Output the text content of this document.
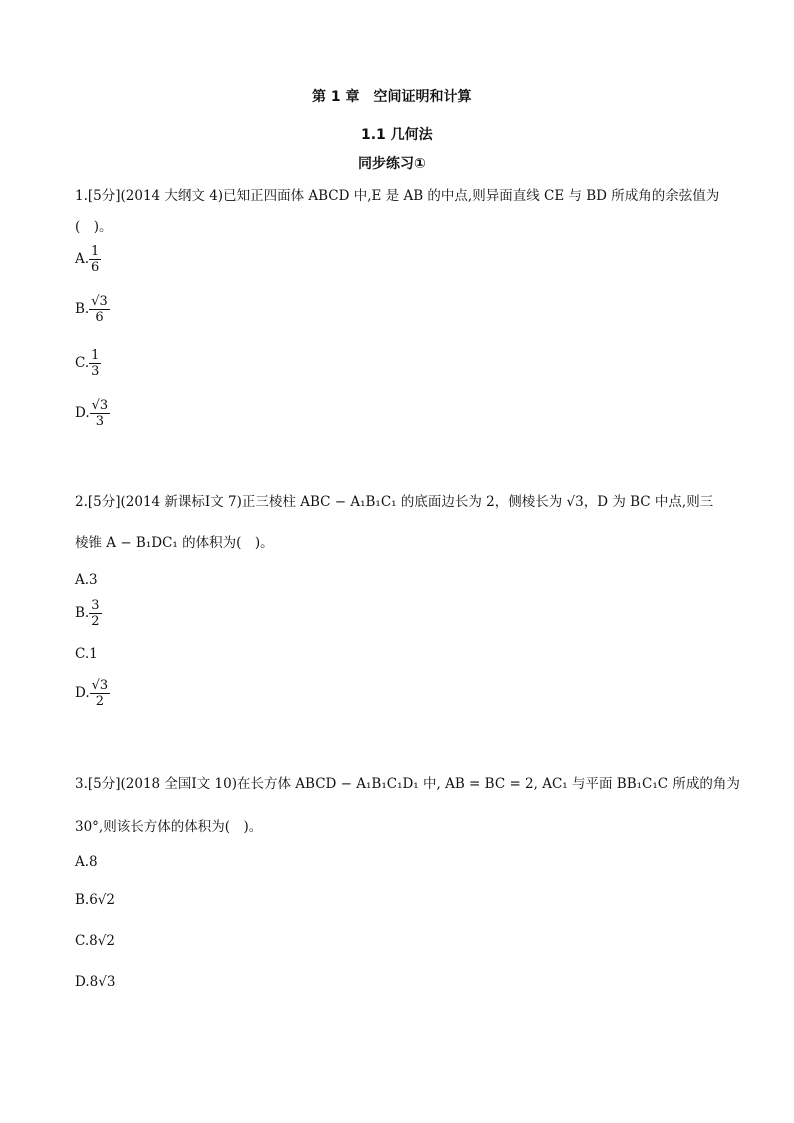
第 1 章　空间证明和计算
1.1 几何法
同步练习①
1.[5分](2014 大纲文 4)已知正四面体 ABCD 中,E 是 AB 的中点,则异面直线 CE 与 BD 所成角的余弦值为
(　)。
A. $\frac{1}{6}$
B. $\frac{√3}{6}$
C. $\frac{1}{3}$
D. $\frac{√3}{3}$
2.[5分](2014 新课标Ⅰ文 7)正三棱柱 ABC − A₁B₁C₁ 的底面边长为 2，侧棱长为 √3，D 为 BC 中点,则三
棱锥 A − B₁DC₁ 的体积为(　)。
A.3
B. $\frac{3}{2}$
C.1
D. $\frac{√3}{2}$
3.[5分](2018 全国Ⅰ文 10)在长方体 ABCD − A₁B₁C₁D₁ 中, AB = BC = 2, AC₁ 与平面 BB₁C₁C 所成的角为
30°,则该长方体的体积为(　)。
A.8
B.6√2
C.8√2
D.8√3
